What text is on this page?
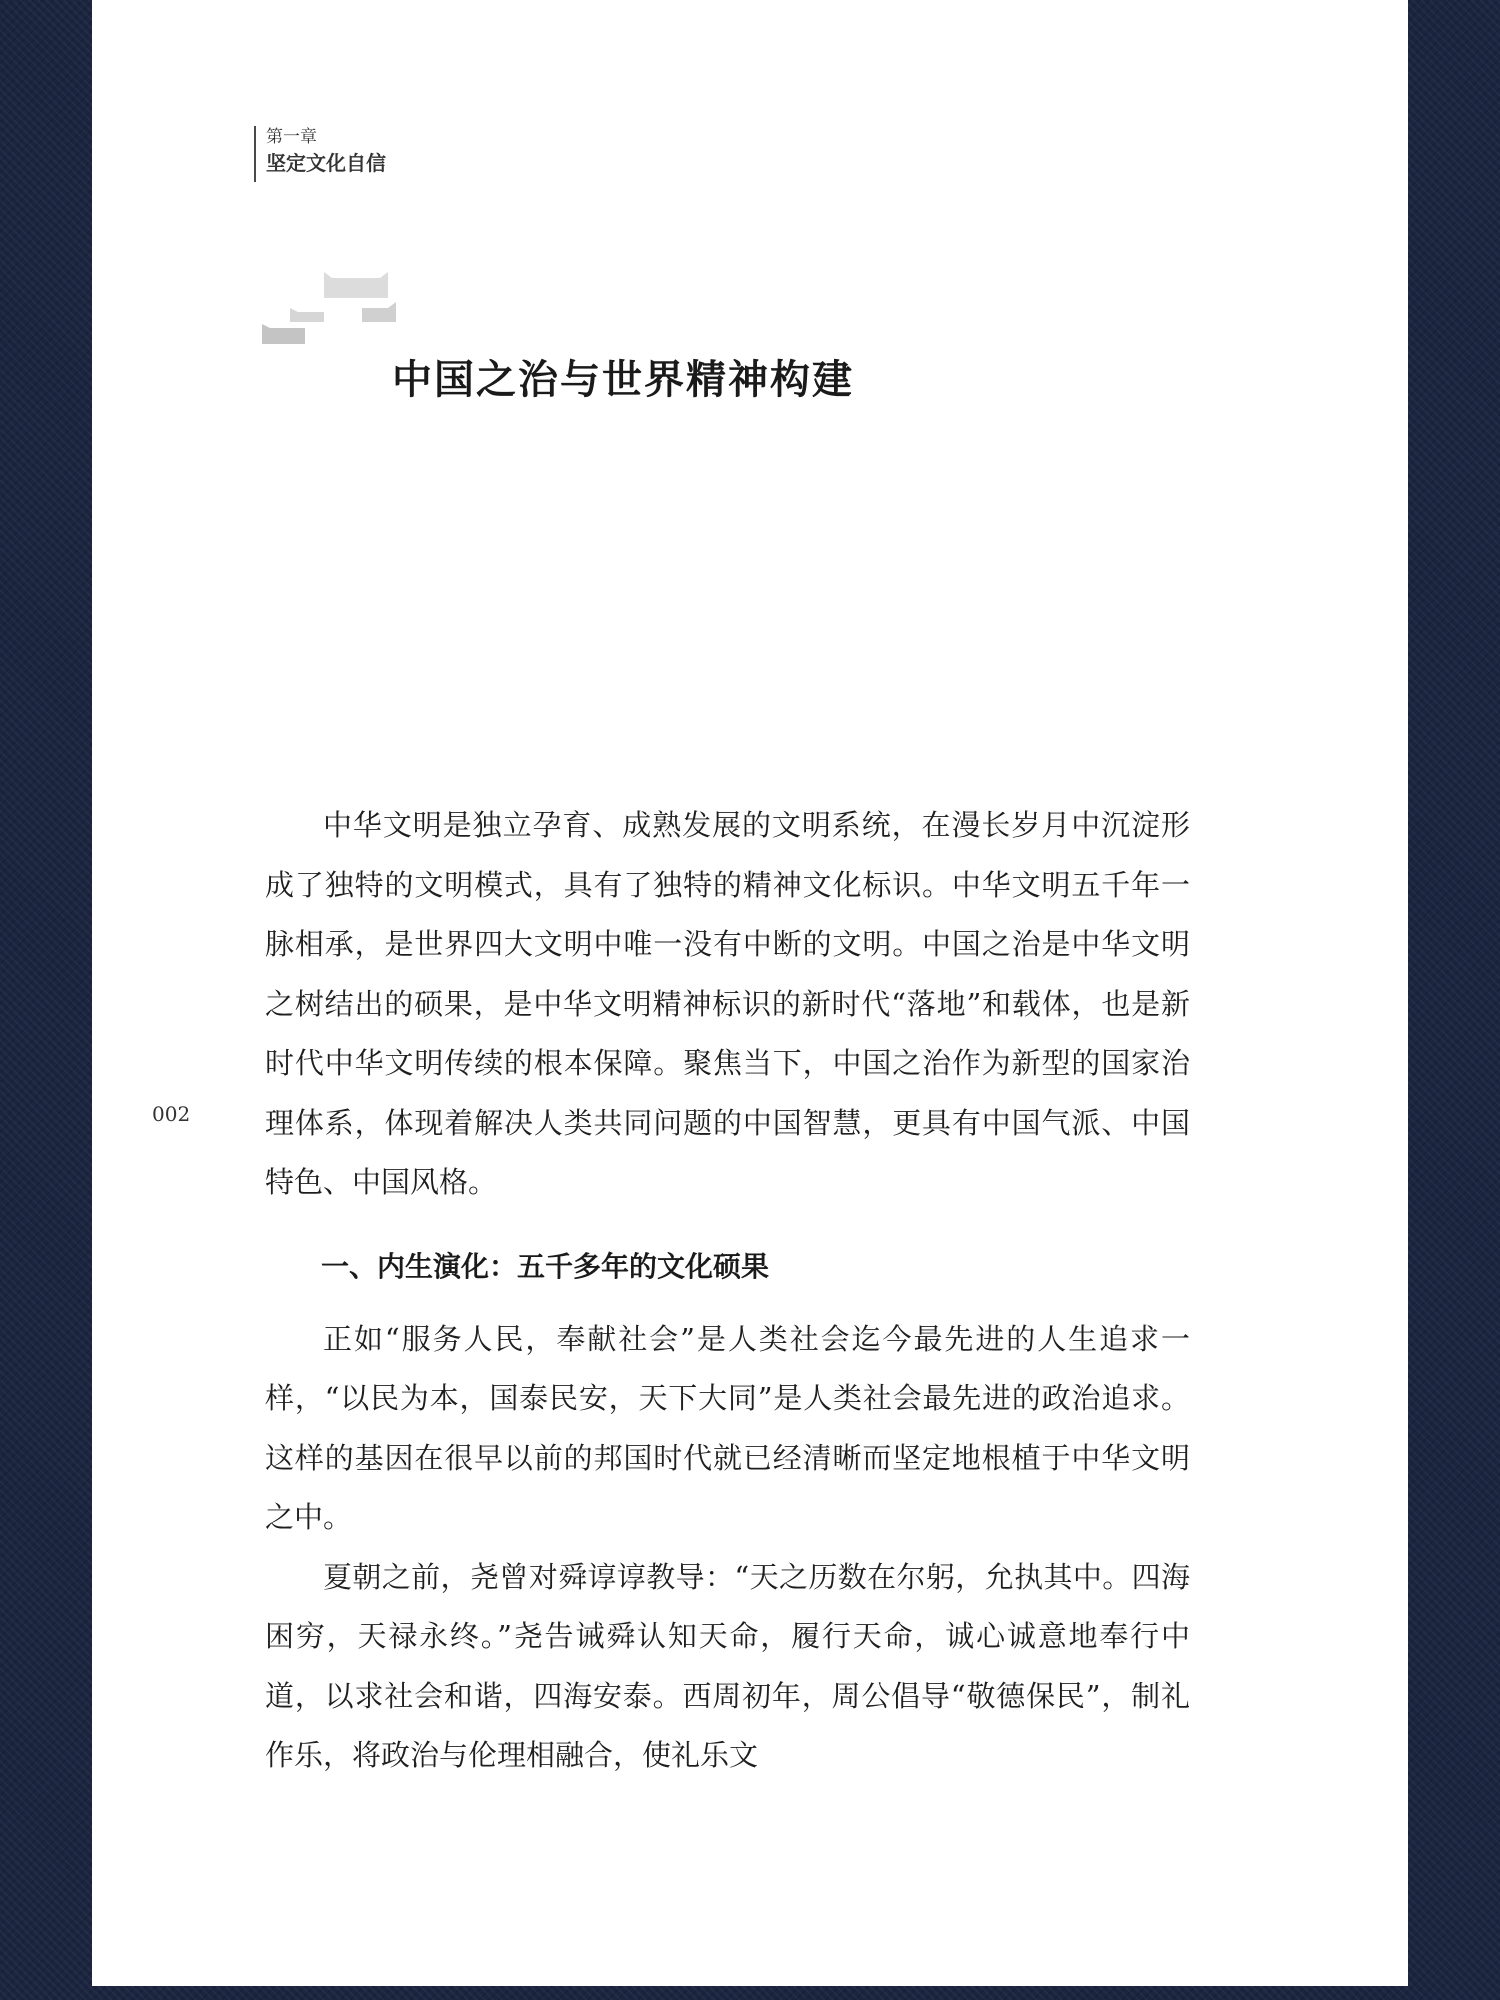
第一章
坚定文化自信
中国之治与世界精神构建
002

中华文明是独立孕育、成熟发展的文明系统，在漫长岁月中沉淀形成了独特的文明模式，具有了独特的精神文化标识。中华文明五千年一脉相承，是世界四大文明中唯一没有中断的文明。中国之治是中华文明之树结出的硕果，是中华文明精神标识的新时代“落地”和载体，也是新时代中华文明传续的根本保障。聚焦当下，中国之治作为新型的国家治理体系，体现着解决人类共同问题的中国智慧，更具有中国气派、中国特色、中国风格。

一、内生演化：五千多年的文化硕果

正如“服务人民，奉献社会”是人类社会迄今最先进的人生追求一样，“以民为本，国泰民安，天下大同”是人类社会最先进的政治追求。这样的基因在很早以前的邦国时代就已经清晰而坚定地根植于中华文明之中。

夏朝之前，尧曾对舜谆谆教导：“天之历数在尔躬，允执其中。四海困穷，天禄永终。”尧告诫舜认知天命，履行天命，诚心诚意地奉行中道，以求社会和谐，四海安泰。西周初年，周公倡导“敬德保民”，制礼作乐，将政治与伦理相融合，使礼乐文
